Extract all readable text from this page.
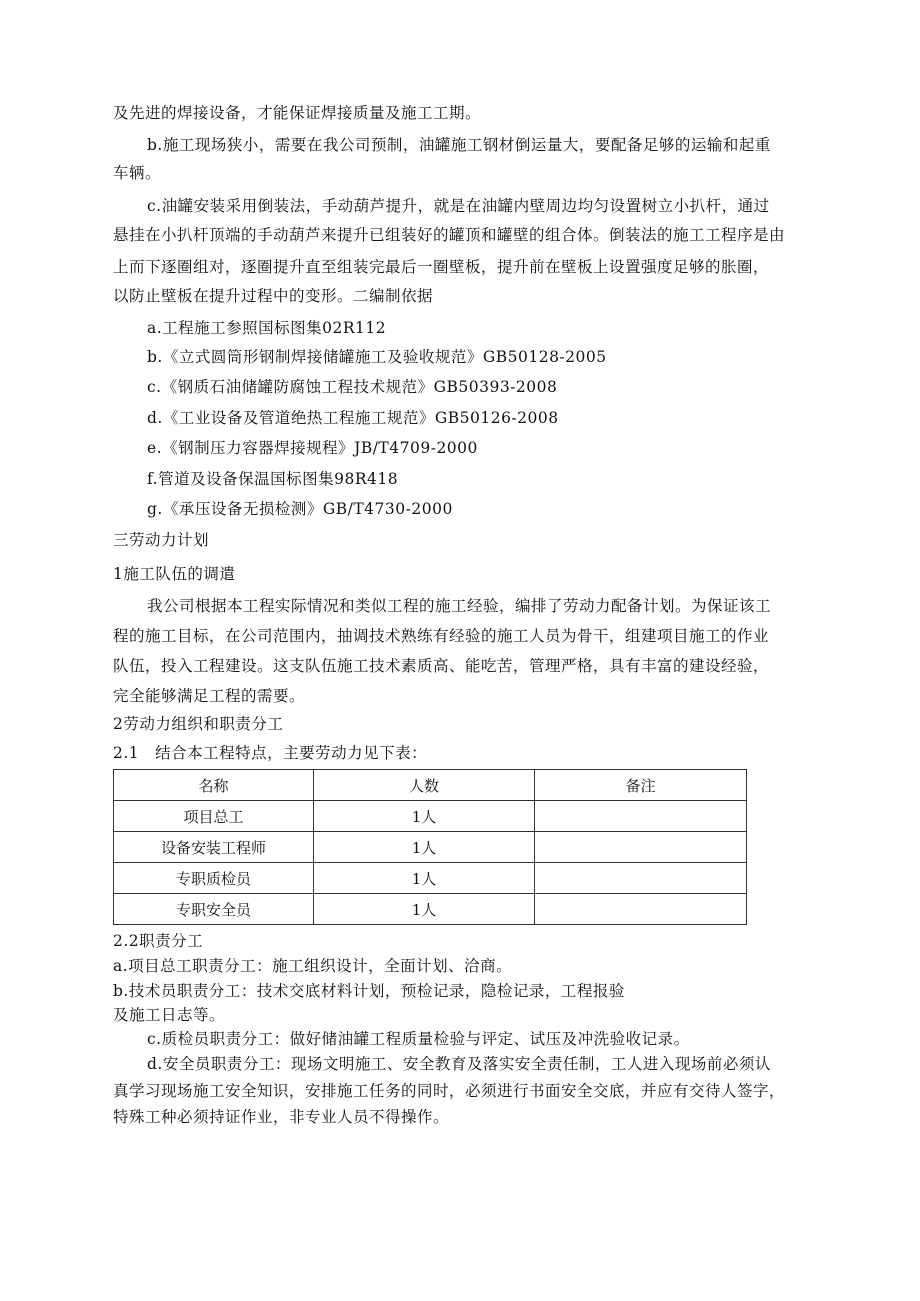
及先进的焊接设备，才能保证焊接质量及施工工期。
b.施工现场狭小，需要在我公司预制，油罐施工钢材倒运量大，要配备足够的运输和起重
车辆。
c.油罐安装采用倒装法，手动葫芦提升，就是在油罐内壁周边均匀设置树立小扒杆，通过
悬挂在小扒杆顶端的手动葫芦来提升已组装好的罐顶和罐壁的组合体。倒装法的施工工程序是由
上而下逐圈组对，逐圈提升直至组装完最后一圈壁板，提升前在壁板上设置强度足够的胀圈，
以防止壁板在提升过程中的变形。二编制依据
a.工程施工参照国标图集02R112
b.《立式圆筒形钢制焊接储罐施工及验收规范》GB50128-2005
c.《钢质石油储罐防腐蚀工程技术规范》GB50393-2008
d.《工业设备及管道绝热工程施工规范》GB50126-2008
e.《钢制压力容器焊接规程》JB/T4709-2000
f.管道及设备保温国标图集98R418
g.《承压设备无损检测》GB/T4730-2000
三劳动力计划
1施工队伍的调遣
我公司根据本工程实际情况和类似工程的施工经验，编排了劳动力配备计划。为保证该工
程的施工目标，在公司范围内，抽调技术熟练有经验的施工人员为骨干，组建项目施工的作业
队伍，投入工程建设。这支队伍施工技术素质高、能吃苦，管理严格，具有丰富的建设经验，
完全能够满足工程的需要。
2劳动力组织和职责分工
2.1　结合本工程特点，主要劳动力见下表：
名称	人数	备注
项目总工	1人	
设备安装工程师	1人	
专职质检员	1人	
专职安全员	1人	
2.2职责分工
a.项目总工职责分工：施工组织设计，全面计划、洽商。
b.技术员职责分工：技术交底材料计划，预检记录，隐检记录，工程报验
及施工日志等。
c.质检员职责分工：做好储油罐工程质量检验与评定、试压及冲洗验收记录。
d.安全员职责分工：现场文明施工、安全教育及落实安全责任制，工人进入现场前必须认
真学习现场施工安全知识，安排施工任务的同时，必须进行书面安全交底，并应有交待人签字，
特殊工种必须持证作业，非专业人员不得操作。
